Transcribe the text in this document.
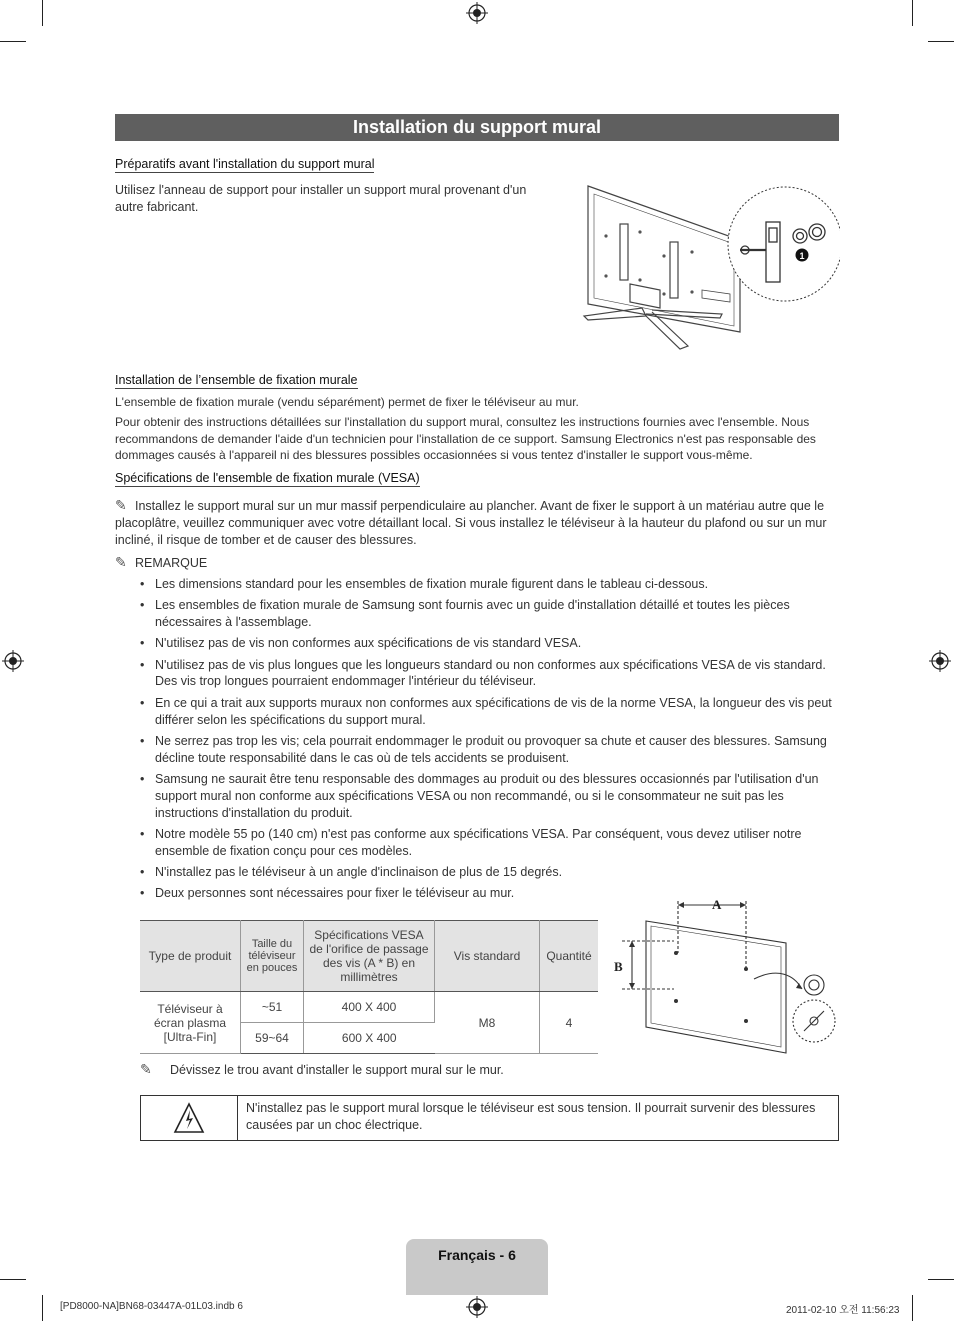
Installation du support mural
Préparatifs avant l'installation du support mural
Utilisez l'anneau de support pour installer un support mural provenant d'un autre fabricant.
1
Installation de l’ensemble de fixation murale
L'ensemble de fixation murale (vendu séparément) permet de fixer le téléviseur au mur.
Pour obtenir des instructions détaillées sur l'installation du support mural, consultez les instructions fournies avec l'ensemble. Nous recommandons de demander l'aide d'un technicien pour l'installation de ce support. Samsung Electronics n'est pas responsable des dommages causés à l'appareil ni des blessures possibles occasionnées si vous tentez d'installer le support vous-même.
Spécifications de l'ensemble de fixation murale (VESA)
✎ Installez le support mural sur un mur massif perpendiculaire au plancher. Avant de fixer le support à un matériau autre que le placoplâtre, veuillez communiquer avec votre détaillant local. Si vous installez le téléviseur à la hauteur du plafond ou sur un mur incliné, il risque de tomber et de causer des blessures.
✎ REMARQUE
• Les dimensions standard pour les ensembles de fixation murale figurent dans le tableau ci-dessous.
• Les ensembles de fixation murale de Samsung sont fournis avec un guide d'installation détaillé et toutes les pièces nécessaires à l'assemblage.
• N'utilisez pas de vis non conformes aux spécifications de vis standard VESA.
• N'utilisez pas de vis plus longues que les longueurs standard ou non conformes aux spécifications VESA de vis standard. Des vis trop longues pourraient endommager l'intérieur du téléviseur.
• En ce qui a trait aux supports muraux non conformes aux spécifications de vis de la norme VESA, la longueur des vis peut différer selon les spécifications du support mural.
• Ne serrez pas trop les vis; cela pourrait endommager le produit ou provoquer sa chute et causer des blessures. Samsung décline toute responsabilité dans le cas où de tels accidents se produisent.
• Samsung ne saurait être tenu responsable des dommages au produit ou des blessures occasionnés par l'utilisation d'un support mural non conforme aux spécifications VESA ou non recommandé, ou si le consommateur ne suit pas les instructions d'installation du produit.
• Notre modèle 55 po (140 cm) n'est pas conforme aux spécifications VESA. Par conséquent, vous devez utiliser notre ensemble de fixation conçu pour ces modèles.
• N'installez pas le téléviseur à un angle d'inclinaison de plus de 15 degrés.
• Deux personnes sont nécessaires pour fixer le téléviseur au mur.
Type de produit	Taille du téléviseur en pouces	Spécifications VESA de l'orifice de passage des vis (A * B) en millimètres	Vis standard	Quantité
Téléviseur à écran plasma [Ultra-Fin]	~51	400 X 400	M8	4
	59~64	600 X 400		
A
B
✎ Dévissez le trou avant d'installer le support mural sur le mur.
N'installez pas le support mural lorsque le téléviseur est sous tension. Il pourrait survenir des blessures causées par un choc électrique.
Français - 6
[PD8000-NA]BN68-03447A-01L03.indb 6	2011-02-10 오전 11:56:23
